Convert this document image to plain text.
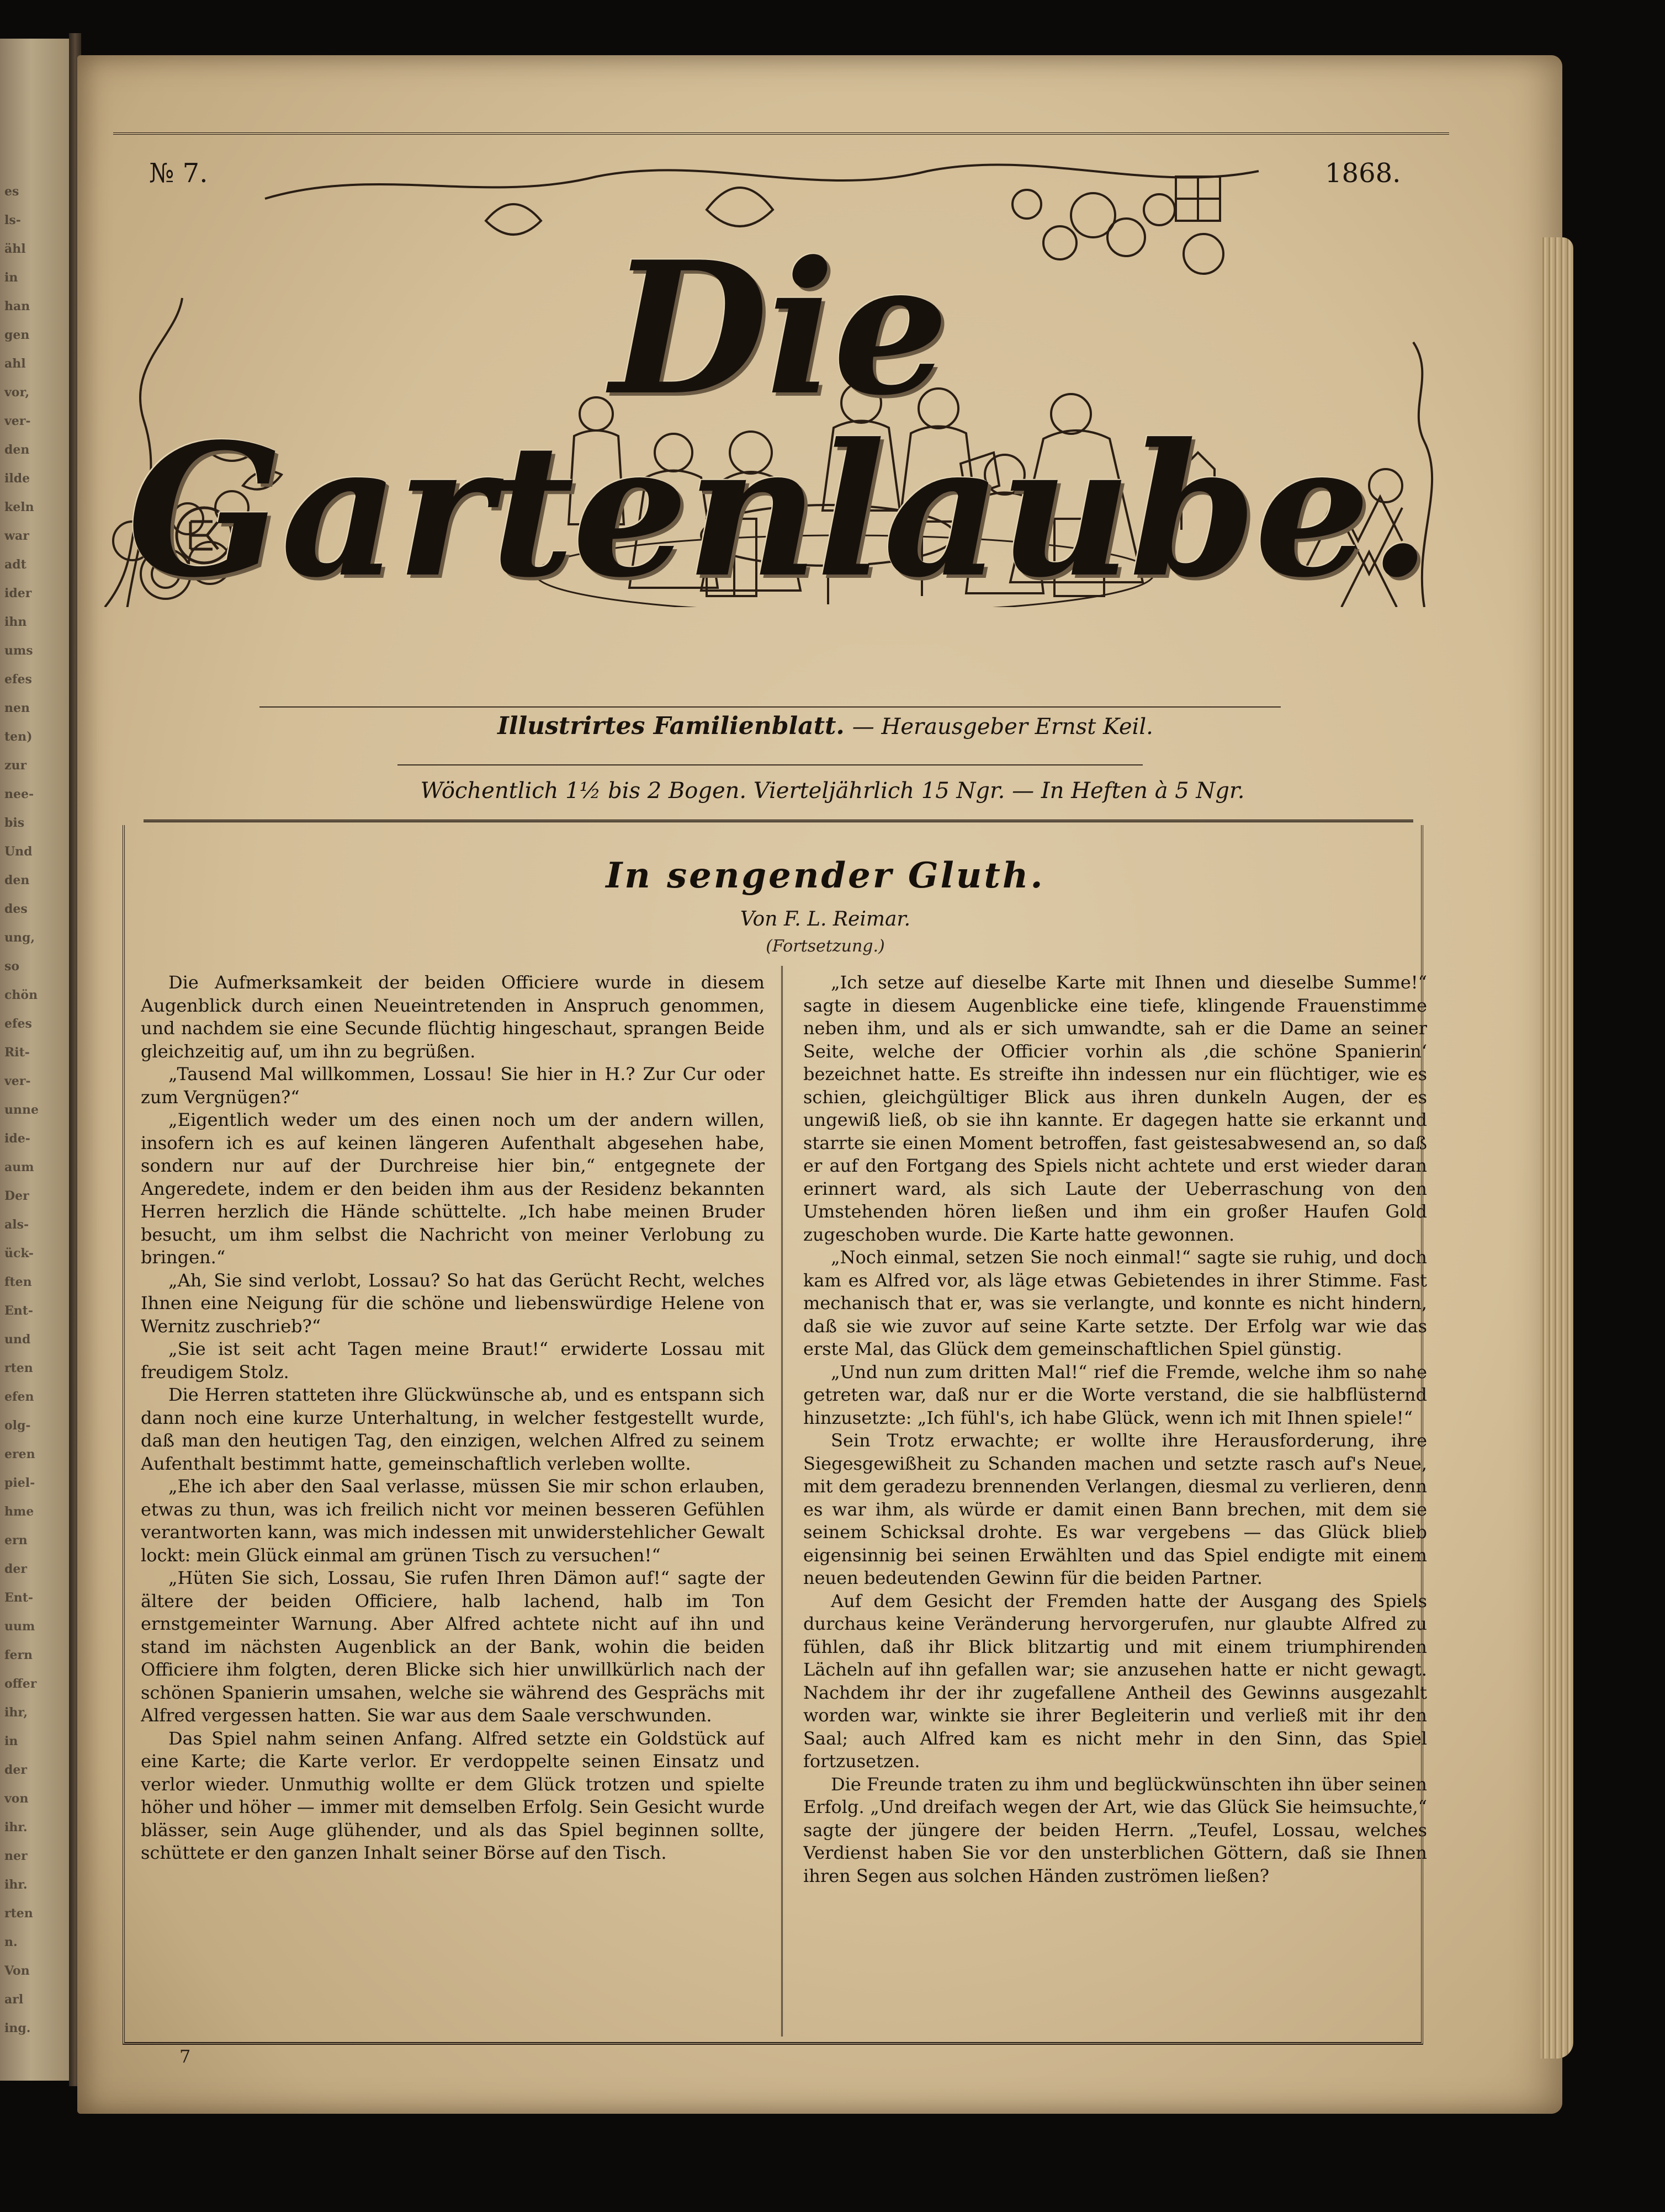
es
ls-
ähl
in
han
gen
ahl
vor,
ver-
den
ilde
keln
war
adt
ider
ihn
ums
efes
nen
ten)
zur
nee-
bis
Und
den
des
ung,
so
chön
efes
Rit-
ver-
unne
ide-
aum
Der
als-
ück-
ften
Ent-
und
rten
efen
olg-
eren
piel-
hme
ern
der
Ent-
uum
fern
offer
ihr,
in
der
von
ihr.
ner
ihr.
rten
n.
Von
arl
ing.
№ 7.	1868.
Die Gartenlaube.
Illustrirtes Familienblatt. — Herausgeber Ernst Keil.
Wöchentlich 1½ bis 2 Bogen. Vierteljährlich 15 Ngr. — In Heften à 5 Ngr.
In sengender Gluth.
Von F. L. Reimar.
(Fortsetzung.)

Die Aufmerksamkeit der beiden Officiere wurde in diesem Augenblick durch einen Neueintretenden in Anspruch genommen, und nachdem sie eine Secunde flüchtig hingeschaut, sprangen Beide gleichzeitig auf, um ihn zu begrüßen.

„Tausend Mal willkommen, Lossau! Sie hier in H.? Zur Cur oder zum Vergnügen?“

„Eigentlich weder um des einen noch um der andern willen, insofern ich es auf keinen längeren Aufenthalt abgesehen habe, sondern nur auf der Durchreise hier bin,“ entgegnete der Angeredete, indem er den beiden ihm aus der Residenz bekannten Herren herzlich die Hände schüttelte. „Ich habe meinen Bruder besucht, um ihm selbst die Nachricht von meiner Verlobung zu bringen.“

„Ah, Sie sind verlobt, Lossau? So hat das Gerücht Recht, welches Ihnen eine Neigung für die schöne und liebenswürdige Helene von Wernitz zuschrieb?“

„Sie ist seit acht Tagen meine Braut!“ erwiderte Lossau mit freudigem Stolz.

Die Herren statteten ihre Glückwünsche ab, und es entspann sich dann noch eine kurze Unterhaltung, in welcher festgestellt wurde, daß man den heutigen Tag, den einzigen, welchen Alfred zu seinem Aufenthalt bestimmt hatte, gemeinschaftlich verleben wollte.

„Ehe ich aber den Saal verlasse, müssen Sie mir schon erlauben, etwas zu thun, was ich freilich nicht vor meinen besseren Gefühlen verantworten kann, was mich indessen mit unwiderstehlicher Gewalt lockt: mein Glück einmal am grünen Tisch zu versuchen!“

„Hüten Sie sich, Lossau, Sie rufen Ihren Dämon auf!“ sagte der ältere der beiden Officiere, halb lachend, halb im Ton ernstgemeinter Warnung. Aber Alfred achtete nicht auf ihn und stand im nächsten Augenblick an der Bank, wohin die beiden Officiere ihm folgten, deren Blicke sich hier unwillkürlich nach der schönen Spanierin umsahen, welche sie während des Gesprächs mit Alfred vergessen hatten. Sie war aus dem Saale verschwunden.

Das Spiel nahm seinen Anfang. Alfred setzte ein Goldstück auf eine Karte; die Karte verlor. Er verdoppelte seinen Einsatz und verlor wieder. Unmuthig wollte er dem Glück trotzen und spielte höher und höher — immer mit demselben Erfolg. Sein Gesicht wurde blässer, sein Auge glühender, und als das Spiel beginnen sollte, schüttete er den ganzen Inhalt seiner Börse auf den Tisch.

„Ich setze auf dieselbe Karte mit Ihnen und dieselbe Summe!“ sagte in diesem Augenblicke eine tiefe, klingende Frauenstimme neben ihm, und als er sich umwandte, sah er die Dame an seiner Seite, welche der Officier vorhin als ‚die schöne Spanierin‘ bezeichnet hatte. Es streifte ihn indessen nur ein flüchtiger, wie es schien, gleichgültiger Blick aus ihren dunkeln Augen, der es ungewiß ließ, ob sie ihn kannte. Er dagegen hatte sie erkannt und starrte sie einen Moment betroffen, fast geistesabwesend an, so daß er auf den Fortgang des Spiels nicht achtete und erst wieder daran erinnert ward, als sich Laute der Ueberraschung von den Umstehenden hören ließen und ihm ein großer Haufen Gold zugeschoben wurde. Die Karte hatte gewonnen.

„Noch einmal, setzen Sie noch einmal!“ sagte sie ruhig, und doch kam es Alfred vor, als läge etwas Gebietendes in ihrer Stimme. Fast mechanisch that er, was sie verlangte, und konnte es nicht hindern, daß sie wie zuvor auf seine Karte setzte. Der Erfolg war wie das erste Mal, das Glück dem gemeinschaftlichen Spiel günstig.

„Und nun zum dritten Mal!“ rief die Fremde, welche ihm so nahe getreten war, daß nur er die Worte verstand, die sie halbflüsternd hinzusetzte: „Ich fühl's, ich habe Glück, wenn ich mit Ihnen spiele!“

Sein Trotz erwachte; er wollte ihre Herausforderung, ihre Siegesgewißheit zu Schanden machen und setzte rasch auf's Neue, mit dem geradezu brennenden Verlangen, diesmal zu verlieren, denn es war ihm, als würde er damit einen Bann brechen, mit dem sie seinem Schicksal drohte. Es war vergebens — das Glück blieb eigensinnig bei seinen Erwählten und das Spiel endigte mit einem neuen bedeutenden Gewinn für die beiden Partner.

Auf dem Gesicht der Fremden hatte der Ausgang des Spiels durchaus keine Veränderung hervorgerufen, nur glaubte Alfred zu fühlen, daß ihr Blick blitzartig und mit einem triumphirenden Lächeln auf ihn gefallen war; sie anzusehen hatte er nicht gewagt. Nachdem ihr der ihr zugefallene Antheil des Gewinns ausgezahlt worden war, winkte sie ihrer Begleiterin und verließ mit ihr den Saal; auch Alfred kam es nicht mehr in den Sinn, das Spiel fortzusetzen.

Die Freunde traten zu ihm und beglückwünschten ihn über seinen Erfolg. „Und dreifach wegen der Art, wie das Glück Sie heimsuchte,“ sagte der jüngere der beiden Herrn. „Teufel, Lossau, welches Verdienst haben Sie vor den unsterblichen Göttern, daß sie Ihnen ihren Segen aus solchen Händen zuströmen ließen?

7
